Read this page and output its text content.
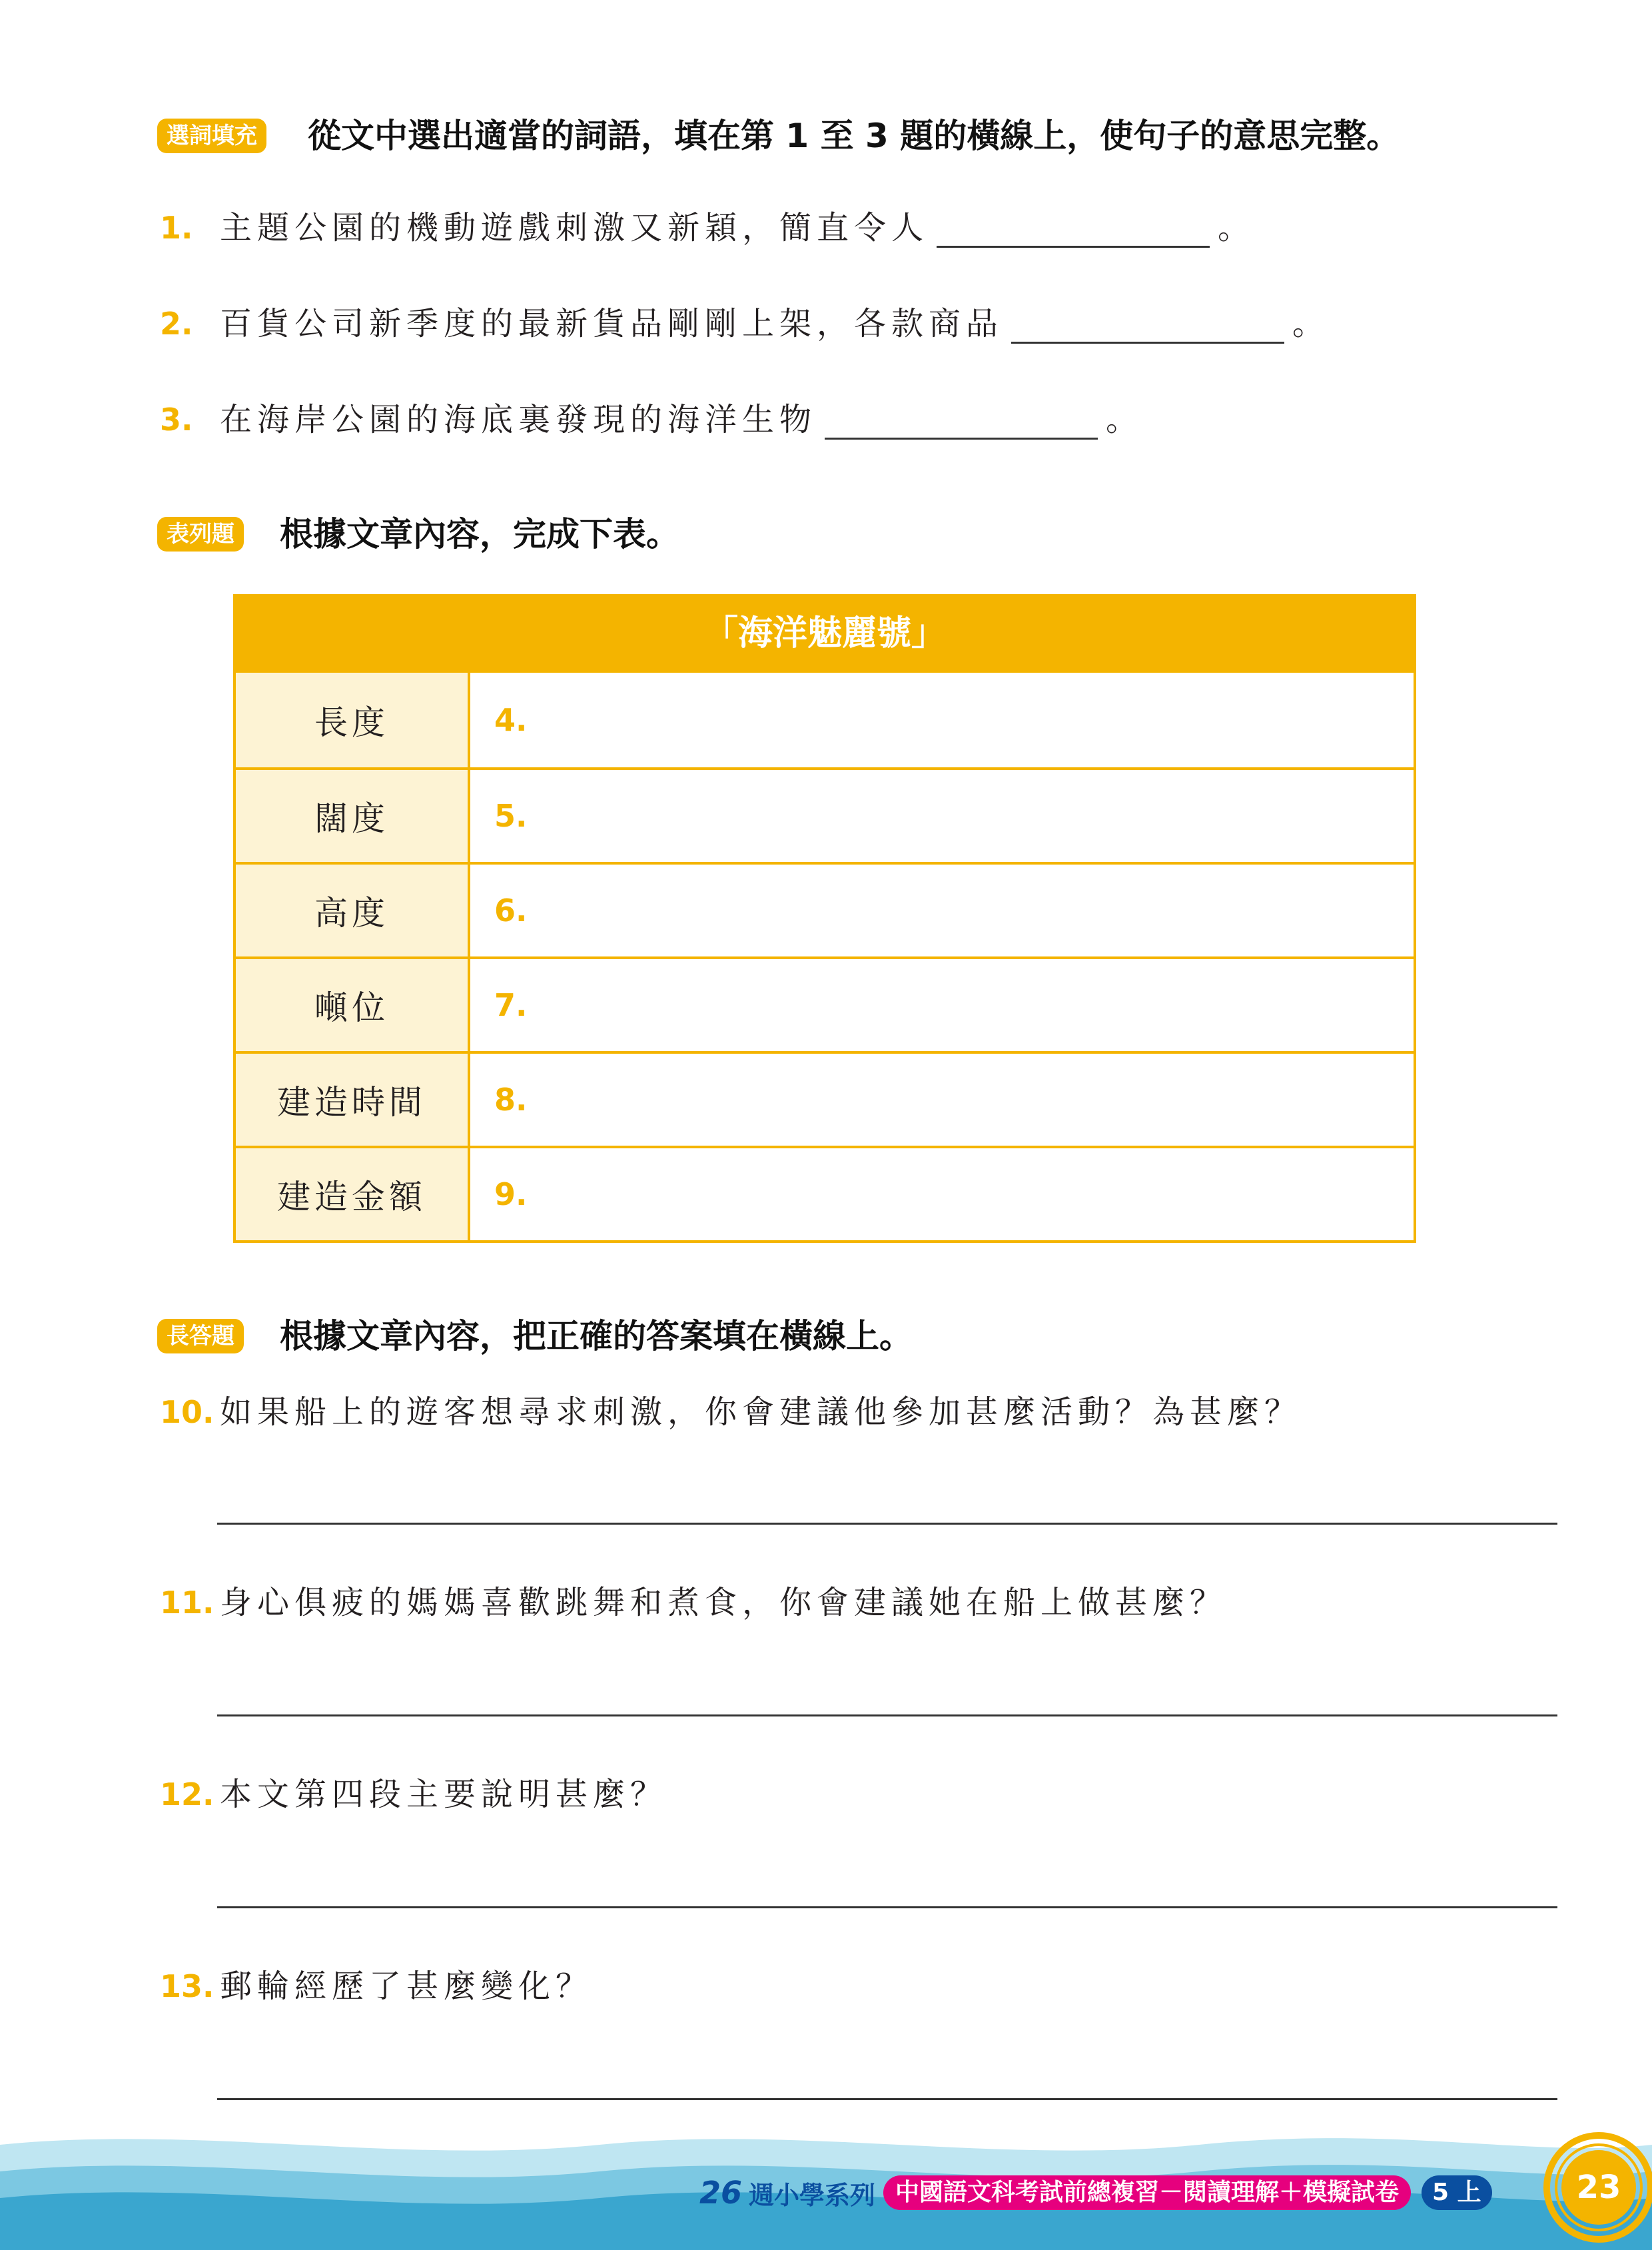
選詞填充 從文中選出適當的詞語，填在第 1 至 3 題的橫線上，使句子的意思完整。
1. 主題公園的機動遊戲刺激又新穎，簡直令人	。
2. 百貨公司新季度的最新貨品剛剛上架，各款商品	。
3. 在海岸公園的海底裏發現的海洋生物	。
表列題 根據文章內容，完成下表。
「海洋魅麗號」
長度	4.
闊度	5.
高度	6.
噸位	7.
建造時間	8.
建造金額	9.
長答題 根據文章內容，把正確的答案填在橫線上。
10. 如果船上的遊客想尋求刺激，你會建議他參加甚麼活動？為甚麼？
11. 身心俱疲的媽媽喜歡跳舞和煮食，你會建議她在船上做甚麼？
12. 本文第四段主要說明甚麼？
13. 郵輪經歷了甚麼變化？
26 週小學系列 中國語文科考試前總複習－閱讀理解＋模擬試卷	5 上	23
